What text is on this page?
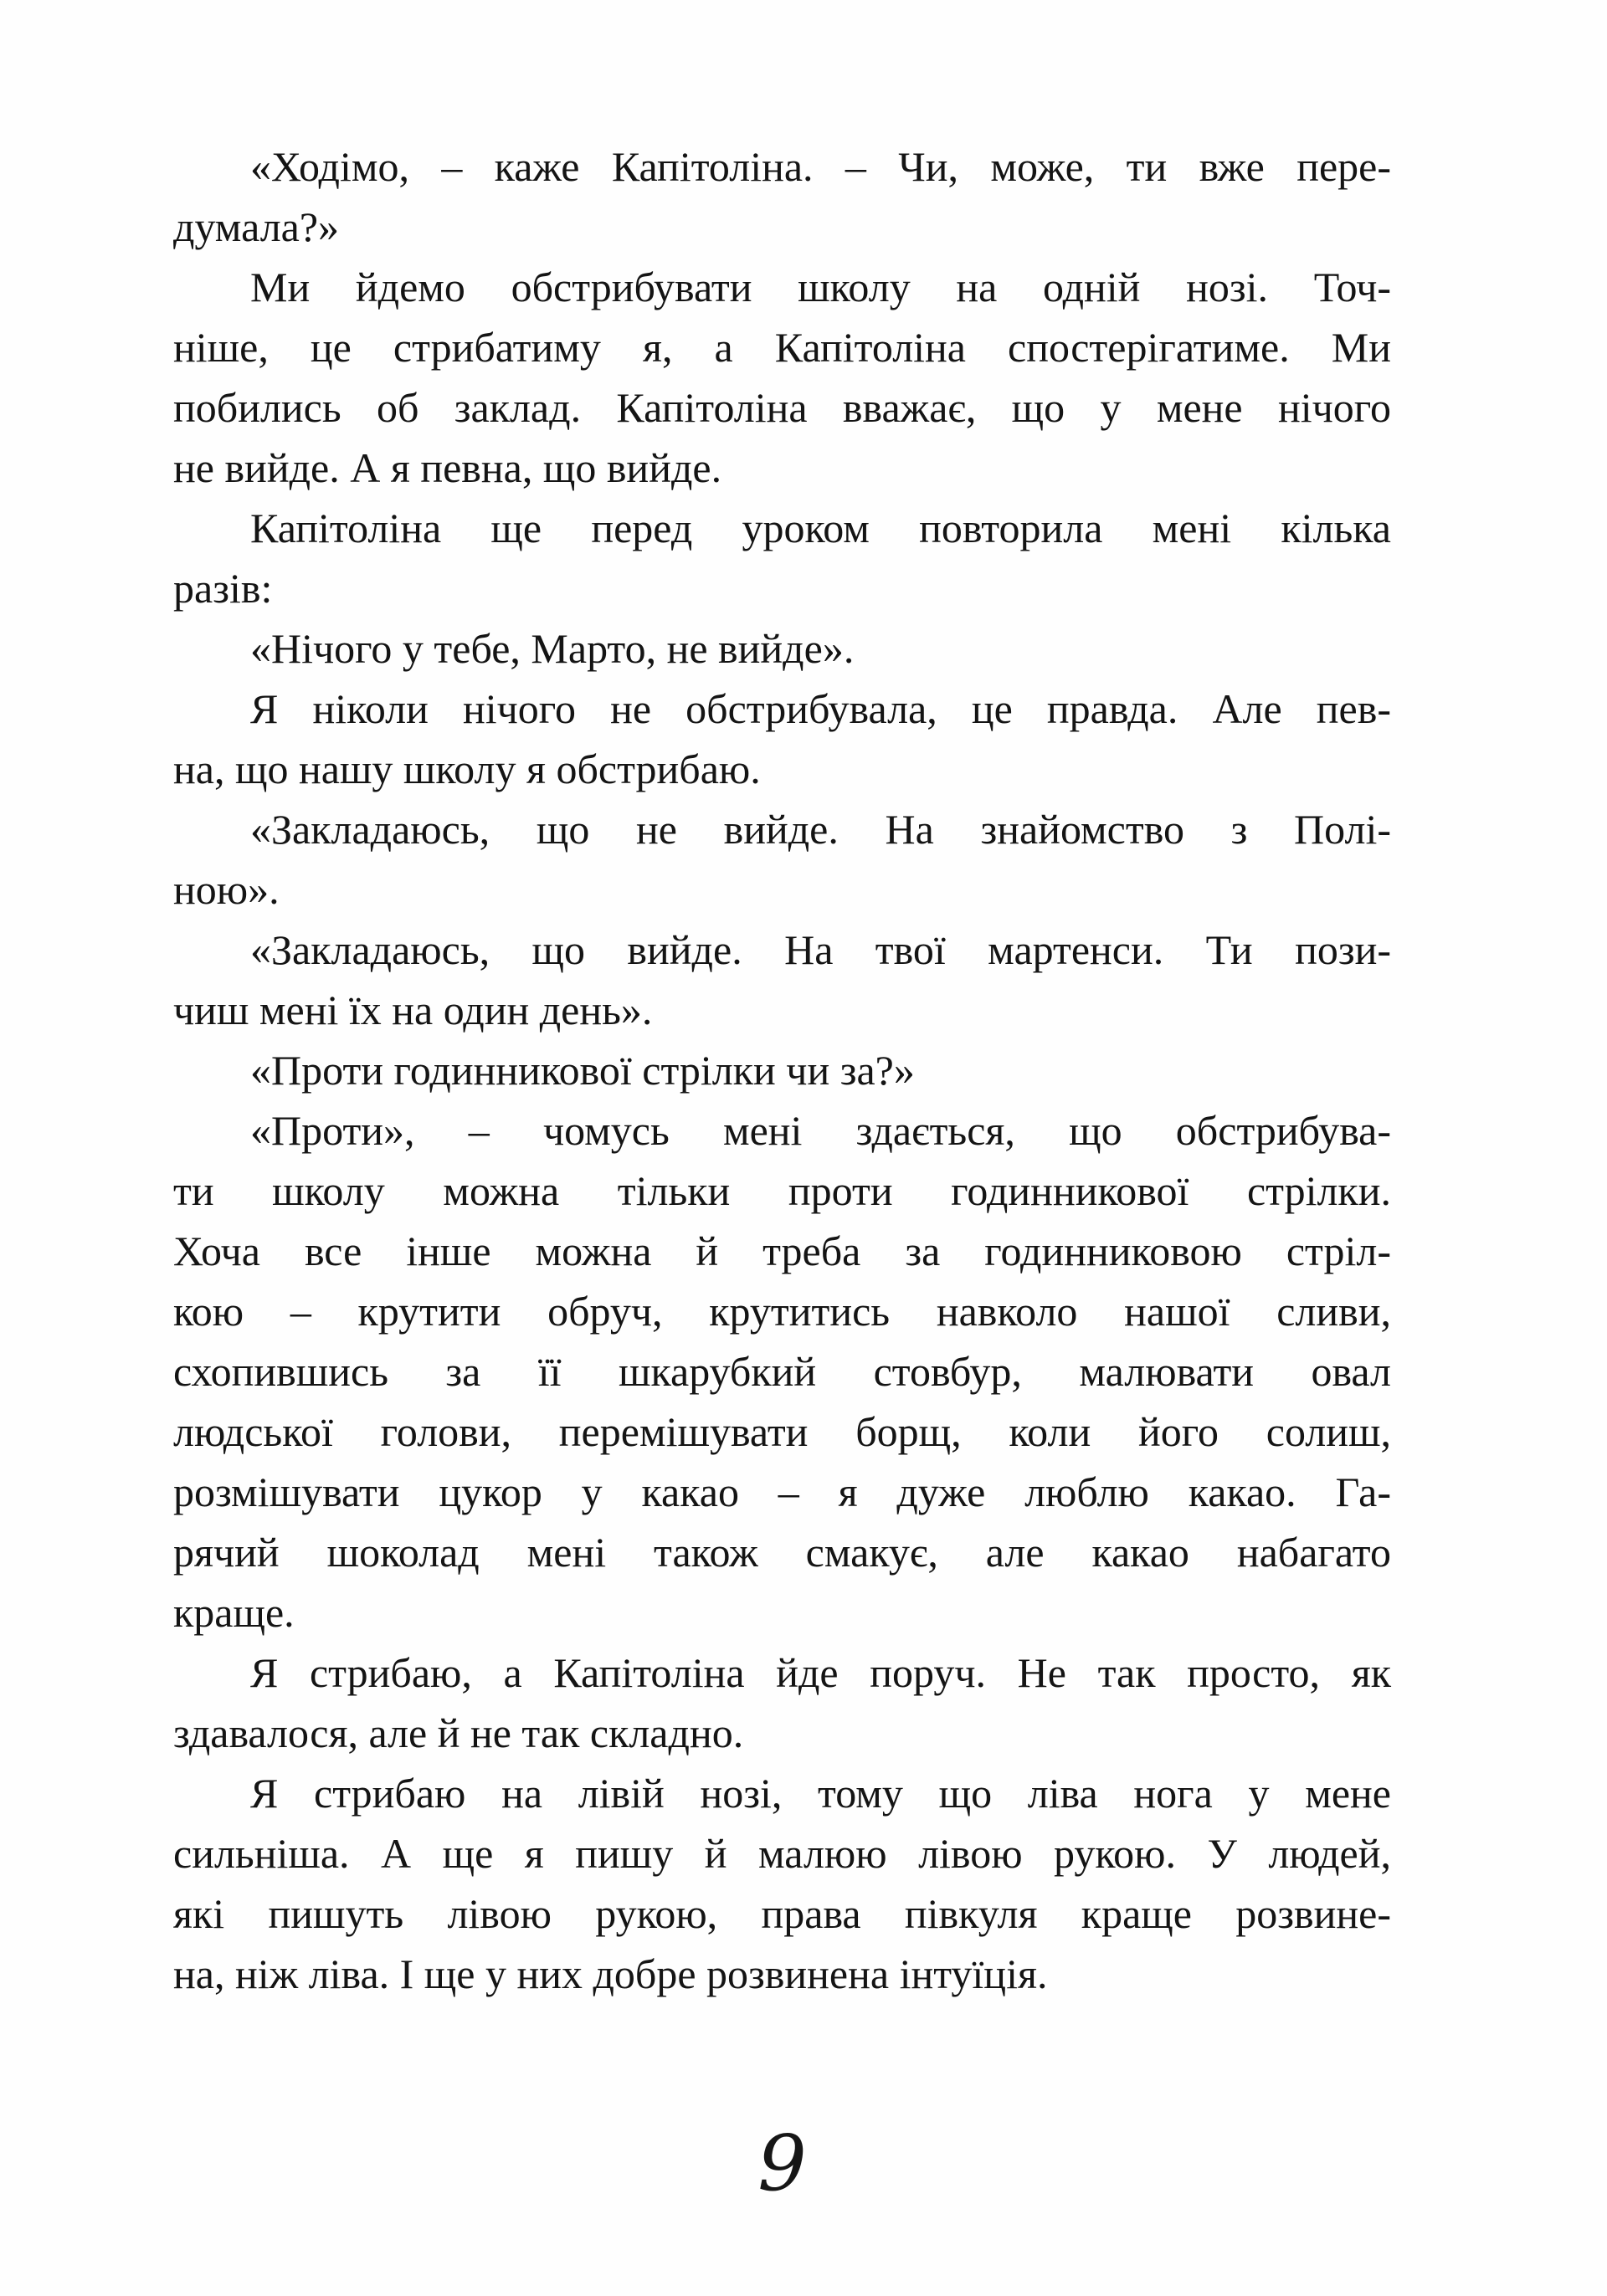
«Ходімо, – каже Капітоліна. – Чи, може, ти вже пере-
думала?»
Ми йдемо обстрибувати школу на одній нозі. Точ-
ніше, це стрибатиму я, а Капітоліна спостерігатиме. Ми
побились об заклад. Капітоліна вважає, що у мене нічого
не вийде. А я певна, що вийде.
Капітоліна ще перед уроком повторила мені кілька
разів:
«Нічого у тебе, Марто, не вийде».
Я ніколи нічого не обстрибувала, це правда. Але пев-
на, що нашу школу я обстрибаю.
«Закладаюсь, що не вийде. На знайомство з Полі-
ною».
«Закладаюсь, що вийде. На твої мартенси. Ти пози-
чиш мені їх на один день».
«Проти годинникової стрілки чи за?»
«Проти», – чомусь мені здається, що обстрибува-
ти школу можна тільки проти годинникової стрілки.
Хоча все інше можна й треба за годинниковою стріл-
кою – крутити обруч, крутитись навколо нашої сливи,
схопившись за її шкарубкий стовбур, малювати овал
людської голови, перемішувати борщ, коли його солиш,
розмішувати цукор у какао – я дуже люблю какао. Га-
рячий шоколад мені також смакує, але какао набагато
краще.
Я стрибаю, а Капітоліна йде поруч. Не так просто, як
здавалося, але й не так складно.
Я стрибаю на лівій нозі, тому що ліва нога у мене
сильніша. А ще я пишу й малюю лівою рукою. У людей,
які пишуть лівою рукою, права півкуля краще розвине-
на, ніж ліва. І ще у них добре розвинена інтуїція.
9
